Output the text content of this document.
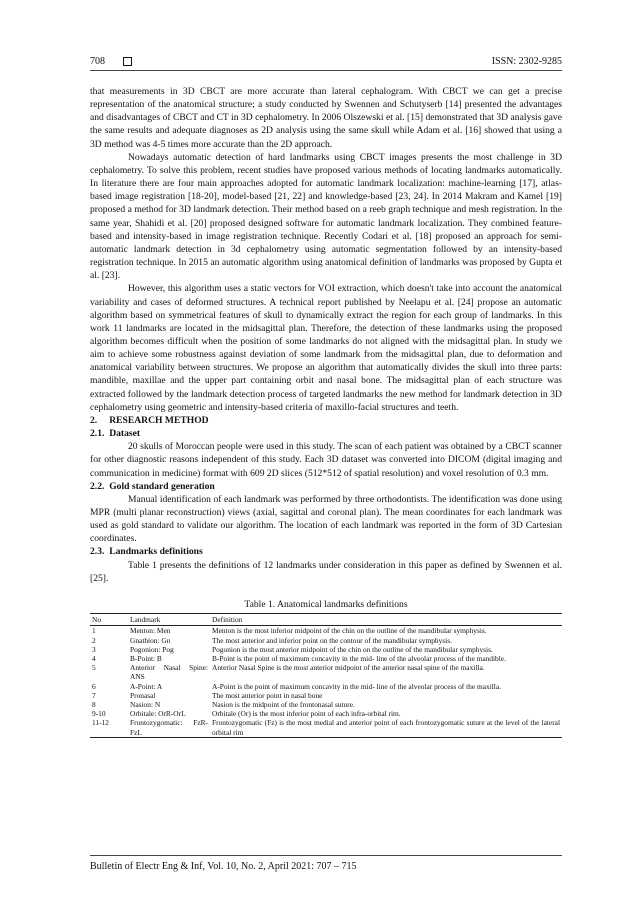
708	ISSN: 2302-9285

that measurements in 3D CBCT are more accurate than lateral cephalogram. With CBCT we can get a precise representation of the anatomical structure; a study conducted by Swennen and Schutyserb [14] presented the advantages and disadvantages of CBCT and CT in 3D cephalometry. In 2006 Olszewski et al. [15] demonstrated that 3D analysis gave the same results and adequate diagnoses as 2D analysis using the same skull while Adam et al. [16] showed that using a 3D method was 4-5 times more accurate than the 2D approach.

Nowadays automatic detection of hard landmarks using CBCT images presents the most challenge in 3D cephalometry. To solve this problem, recent studies have proposed various methods of locating landmarks automatically. In literature there are four main approaches adopted for automatic landmark localization: machine-learning [17], atlas-based image registration [18-20], model-based [21, 22] and knowledge-based [23, 24]. In 2014 Makram and Kamel [19] proposed a method for 3D landmark detection. Their method based on a reeb graph technique and mesh registration. In the same year, Shahidi et al. [20] proposed designed software for automatic landmark localization. They combined feature-based and intensity-based in image registration technique. Recently Codari et al. [18] proposed an approach for semi-automatic landmark detection in 3d cephalometry using automatic segmentation followed by an intensity-based registration technique. In 2015 an automatic algorithm using anatomical definition of landmarks was proposed by Gupta et al. [23].

However, this algorithm uses a static vectors for VOI extraction, which doesn't take into account the anatomical variability and cases of deformed structures. A technical report published by Neelapu et al. [24] propose an automatic algorithm based on symmetrical features of skull to dynamically extract the region for each group of landmarks. In this work 11 landmarks are located in the midsagittal plan. Therefore, the detection of these landmarks using the proposed algorithm becomes difficult when the position of some landmarks do not aligned with the midsagittal plan. In study we aim to achieve some robustness against deviation of some landmark from the midsagittal plan, due to deformation and anatomical variability between structures. We propose an algorithm that automatically divides the skull into three parts: mandible, maxillae and the upper part containing orbit and nasal bone. The midsagittal plan of each structure was extracted followed by the landmark detection process of targeted landmarks the new method for landmark detection in 3D cephalometry using geometric and intensity-based criteria of maxillo-facial structures and teeth.

2.     RESEARCH METHOD

2.1.  Dataset

20 skulls of Moroccan people were used in this study. The scan of each patient was obtained by a CBCT scanner for other diagnostic reasons independent of this study. Each 3D dataset was converted into DICOM (digital imaging and communication in medicine) format with 609 2D slices (512*512 of spatial resolution) and voxel resolution of 0.3 mm.

2.2.  Gold standard generation

Manual identification of each landmark was performed by three orthodontists. The identification was done using MPR (multi planar reconstruction) views (axial, sagittal and coronal plan). The mean coordinates for each landmark was used as gold standard to validate our algorithm. The location of each landmark was reported in the form of 3D Cartesian coordinates.

2.3.  Landmarks definitions

Table 1 presents the definitions of 12 landmarks under consideration in this paper as defined by Swennen et al. [25].

Table 1. Anatomical landmarks definitions
No	Landmark	Definition
1	Menton: Men	Menton is the most inferior midpoint of the chin on the outline of the mandibular symphysis.
2	Gnathion: Gn	The most anterior and inferior point on the contour of the mandibular symphysis.
3	Pogonion: Pog	Pogonion is the most anterior midpoint of the chin on the outline of the mandibular symphysis.
4	B-Point: B	B-Point is the point of maximum concavity in the mid- line of the alveolar process of the mandible.
5	Anterior Nasal Spine: ANS	Anterior Nasal Spine is the most anterior midpoint of the anterior nasal spine of the maxilla.
6	A-Point: A	A-Point is the point of maximum concavity in the mid- line of the alveolar process of the maxilla.
7	Pronasal	The most anterior point in nasal bone
8	Nasion: N	Nasion is the midpoint of the frontonasal suture.
9-10	Orbitale: OrR-OrL	Orbitale (Or) is the most inferior point of each infra-orbital rim.
11-12	Frontozygomatic: FzR-FzL	Frontozygomatic (Fz) is the most medial and anterior point of each frontozygomatic suture at the level of the lateral orbital rim
Bulletin of Electr Eng & Inf, Vol. 10, No. 2, April 2021: 707 – 715
